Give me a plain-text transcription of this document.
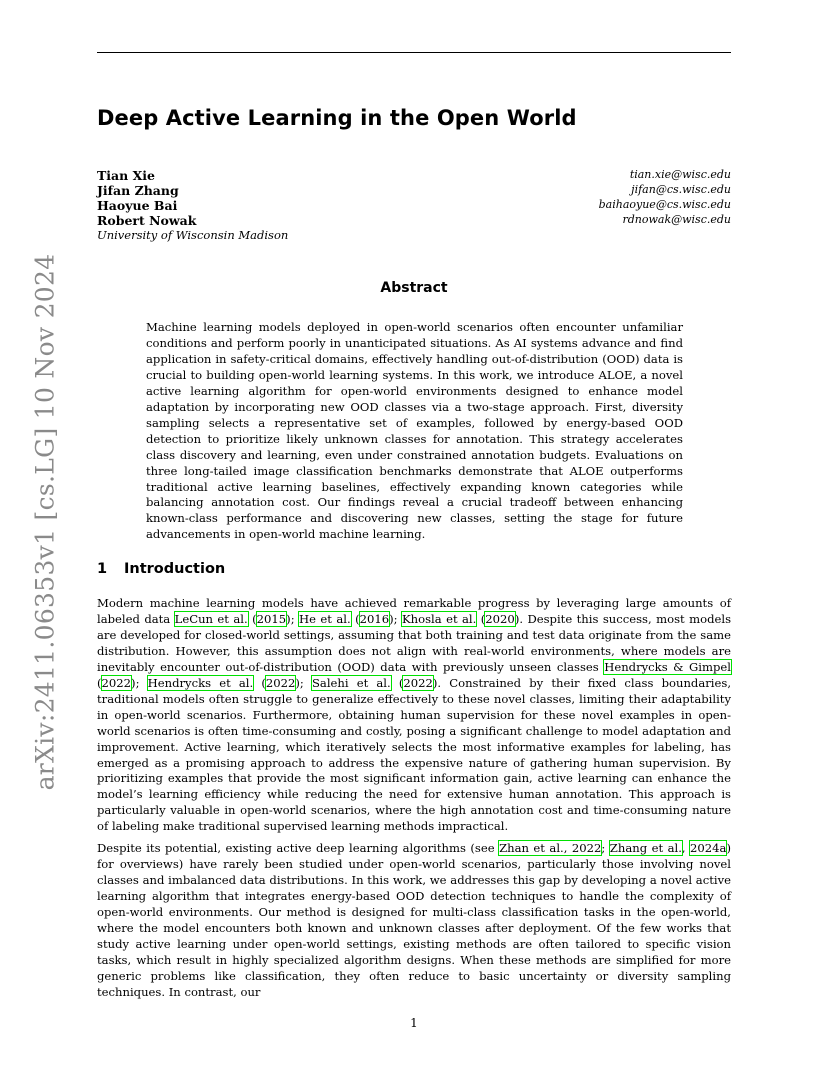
Deep Active Learning in the Open World
Tian Xie	tian.xie@wisc.edu
Jifan Zhang	jifan@cs.wisc.edu
Haoyue Bai	baihaoyue@cs.wisc.edu
Robert Nowak	rdnowak@wisc.edu
University of Wisconsin Madison
arXiv:2411.06353v1 [cs.LG] 10 Nov 2024	Abstract
Machine learning models deployed in open-world scenarios often encounter unfamiliar conditions and perform poorly in unanticipated situations. As AI systems advance and find application in safety-critical domains, effectively handling out-of-distribution (OOD) data is crucial to building open-world learning systems. In this work, we introduce ALOE, a novel active learning algorithm for open-world environments designed to enhance model adaptation by incorporating new OOD classes via a two-stage approach. First, diversity sampling selects a representative set of examples, followed by energy-based OOD detection to prioritize likely unknown classes for annotation. This strategy accelerates class discovery and learning, even under constrained annotation budgets. Evaluations on three long-tailed image classification benchmarks demonstrate that ALOE outperforms traditional active learning baselines, effectively expanding known categories while balancing annotation cost. Our findings reveal a crucial tradeoff between enhancing known-class performance and discovering new classes, setting the stage for future advancements in open-world machine learning.
1 Introduction

Modern machine learning models have achieved remarkable progress by leveraging large amounts of labeled data LeCun et al. (2015); He et al. (2016); Khosla et al. (2020). Despite this success, most models are developed for closed-world settings, assuming that both training and test data originate from the same distribution. However, this assumption does not align with real-world environments, where models are inevitably encounter out-of-distribution (OOD) data with previously unseen classes Hendrycks & Gimpel (2022); Hendrycks et al. (2022); Salehi et al. (2022). Constrained by their fixed class boundaries, traditional models often struggle to generalize effectively to these novel classes, limiting their adaptability in open-world scenarios. Furthermore, obtaining human supervision for these novel examples in open-world scenarios is often time-consuming and costly, posing a significant challenge to model adaptation and improvement. Active learning, which iteratively selects the most informative examples for labeling, has emerged as a promising approach to address the expensive nature of gathering human supervision. By prioritizing examples that provide the most significant information gain, active learning can enhance the model’s learning efficiency while reducing the need for extensive human annotation. This approach is particularly valuable in open-world scenarios, where the high annotation cost and time-consuming nature of labeling make traditional supervised learning methods impractical.

Despite its potential, existing active deep learning algorithms (see Zhan et al., 2022; Zhang et al., 2024a) for overviews) have rarely been studied under open-world scenarios, particularly those involving novel classes and imbalanced data distributions. In this work, we addresses this gap by developing a novel active learning algorithm that integrates energy-based OOD detection techniques to handle the complexity of open-world environments. Our method is designed for multi-class classification tasks in the open-world, where the model encounters both known and unknown classes after deployment. Of the few works that study active learning under open-world settings, existing methods are often tailored to specific vision tasks, which result in highly specialized algorithm designs. When these methods are simplified for more generic problems like classification, they often reduce to basic uncertainty or diversity sampling techniques. In contrast, our

1
